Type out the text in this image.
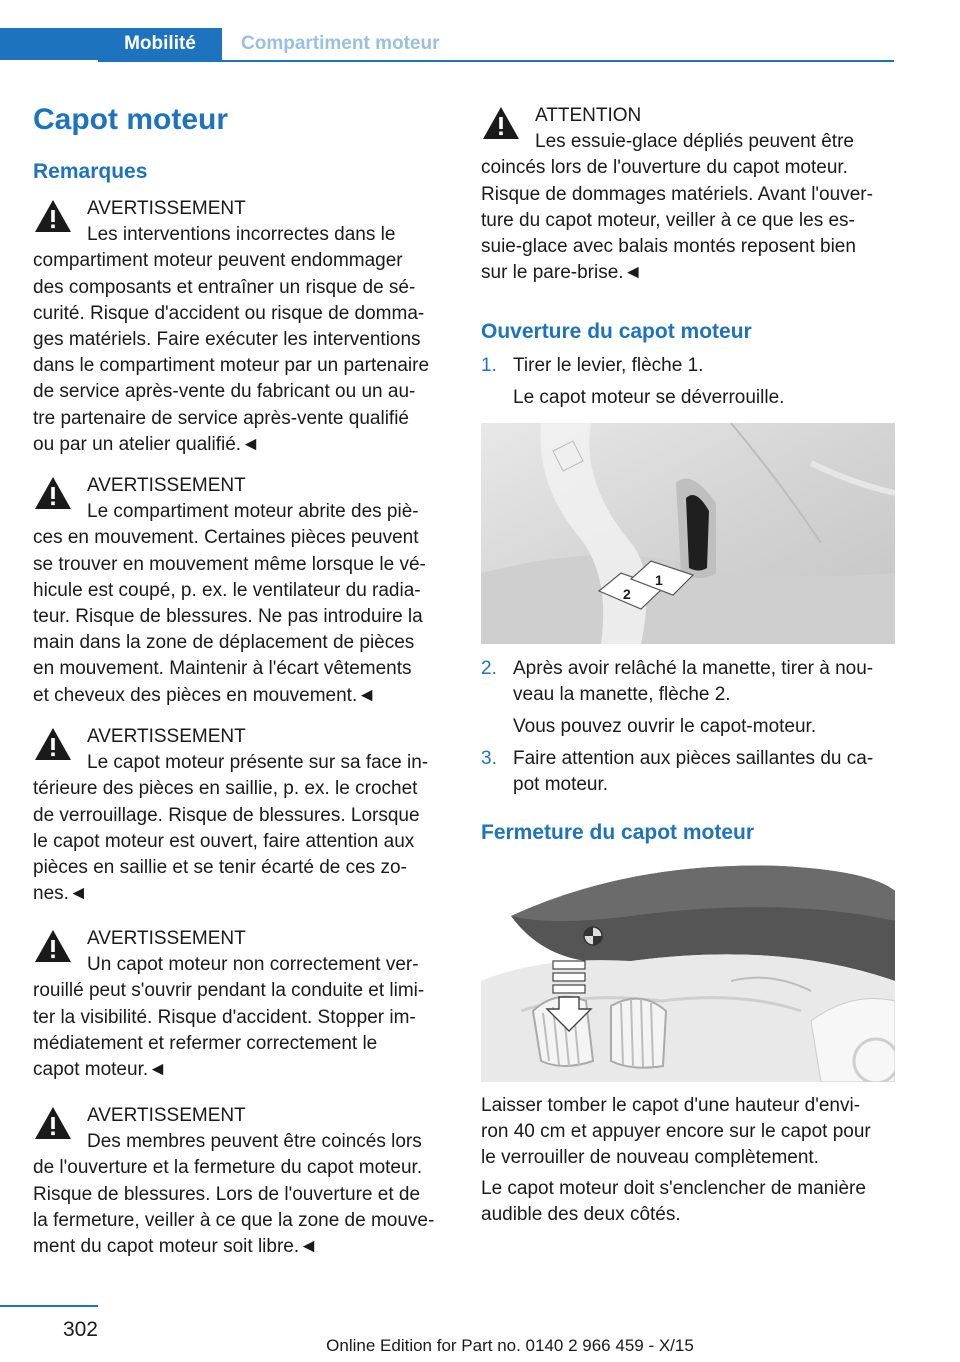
Mobilité	Compartiment moteur
Capot moteur
Remarques
AVERTISSEMENT
Les interventions incorrectes dans le
compartiment moteur peuvent endommager
des composants et entraîner un risque de sé‐
curité. Risque d'accident ou risque de domma‐
ges matériels. Faire exécuter les interventions
dans le compartiment moteur par un partenaire
de service après-vente du fabricant ou un au‐
tre partenaire de service après-vente qualifié
ou par un atelier qualifié.◄
AVERTISSEMENT
Le compartiment moteur abrite des piè‐
ces en mouvement. Certaines pièces peuvent
se trouver en mouvement même lorsque le vé‐
hicule est coupé, p. ex. le ventilateur du radia‐
teur. Risque de blessures. Ne pas introduire la
main dans la zone de déplacement de pièces
en mouvement. Maintenir à l'écart vêtements
et cheveux des pièces en mouvement.◄
AVERTISSEMENT
Le capot moteur présente sur sa face in‐
térieure des pièces en saillie, p. ex. le crochet
de verrouillage. Risque de blessures. Lorsque
le capot moteur est ouvert, faire attention aux
pièces en saillie et se tenir écarté de ces zo‐
nes.◄
AVERTISSEMENT
Un capot moteur non correctement ver‐
rouillé peut s'ouvrir pendant la conduite et limi‐
ter la visibilité. Risque d'accident. Stopper im‐
médiatement et refermer correctement le
capot moteur.◄
AVERTISSEMENT
Des membres peuvent être coincés lors
de l'ouverture et la fermeture du capot moteur.
Risque de blessures. Lors de l'ouverture et de
la fermeture, veiller à ce que la zone de mouve‐
ment du capot moteur soit libre.◄
ATTENTION
Les essuie-glace dépliés peuvent être
coincés lors de l'ouverture du capot moteur.
Risque de dommages matériels. Avant l'ouver‐
ture du capot moteur, veiller à ce que les es‐
suie-glace avec balais montés reposent bien
sur le pare-brise.◄
Ouverture du capot moteur
1. Tirer le levier, flèche 1.
Le capot moteur se déverrouille.
2
1
2. Après avoir relâché la manette, tirer à nou‐
veau la manette, flèche 2.
Vous pouvez ouvrir le capot-moteur.
3. Faire attention aux pièces saillantes du ca‐
pot moteur.
Fermeture du capot moteur
Laisser tomber le capot d'une hauteur d'envi‐
ron 40 cm et appuyer encore sur le capot pour
le verrouiller de nouveau complètement.
Le capot moteur doit s'enclencher de manière
audible des deux côtés.
302
Online Edition for Part no. 0140 2 966 459 - X/15
